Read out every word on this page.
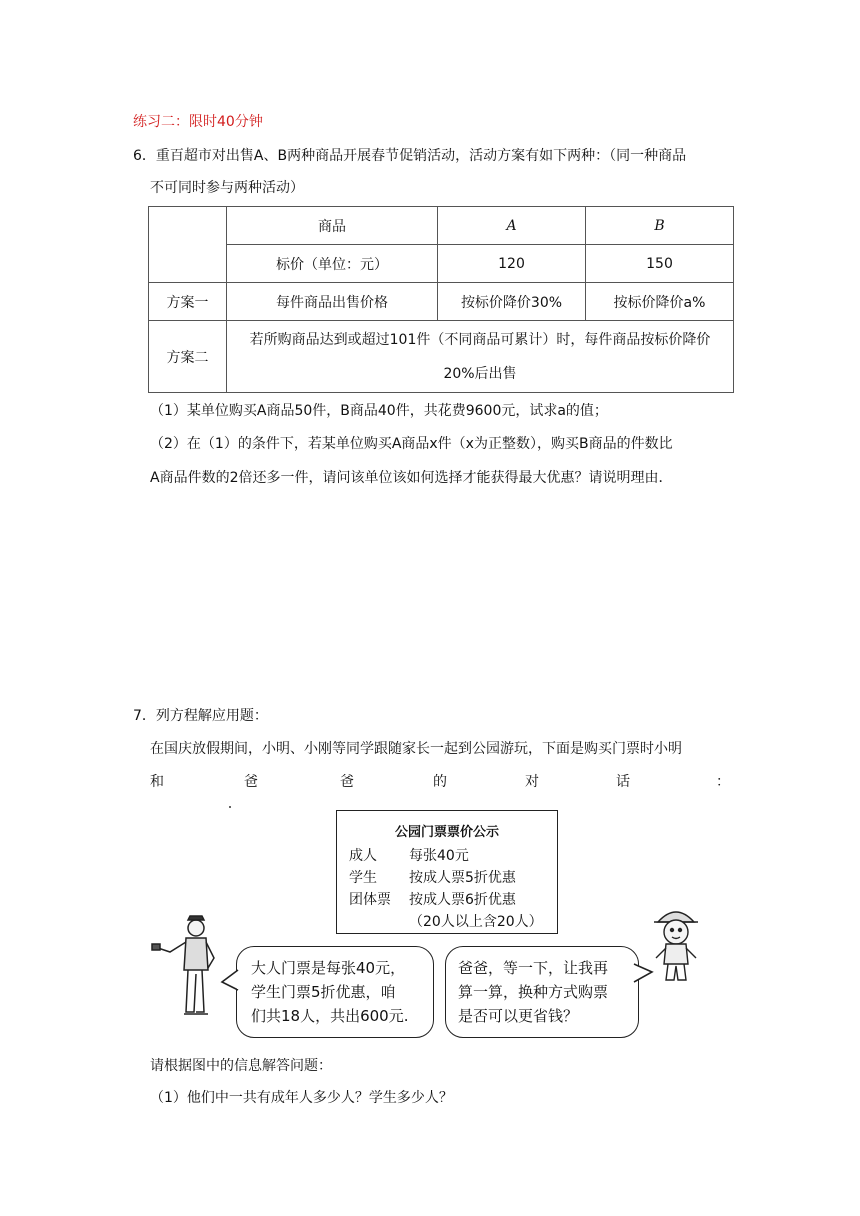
练习二：限时40分钟
6．重百超市对出售A、B两种商品开展春节促销活动，活动方案有如下两种：（同一种商品
不可同时参与两种活动）
	商品	A	B
	标价（单位：元）	120	150
方案一	每件商品出售价格	按标价降价30%	按标价降价a%
方案二	若所购商品达到或超过101件（不同商品可累计）时，每件商品按标价降价
20%后出售		
（1）某单位购买A商品50件，B商品40件，共花费9600元，试求a的值；
（2）在（1）的条件下，若某单位购买A商品x件（x为正整数），购买B商品的件数比
A商品件数的2倍还多一件，请问该单位该如何选择才能获得最大优惠？请说明理由．
7．列方程解应用题：
在国庆放假期间，小明、小刚等同学跟随家长一起到公园游玩，下面是购买门票时小明
和	爸	爸	的	对	话	：
公园门票票价公示
成人 每张40元
学生 按成人票5折优惠
团体票 按成人票6折优惠
（20人以上含20人）
大人门票是每张40元，
学生门票5折优惠，咱
们共18人，共出600元.
爸爸，等一下，让我再
算一算，换种方式购票
是否可以更省钱？
请根据图中的信息解答问题：
（1）他们中一共有成年人多少人？学生多少人？
